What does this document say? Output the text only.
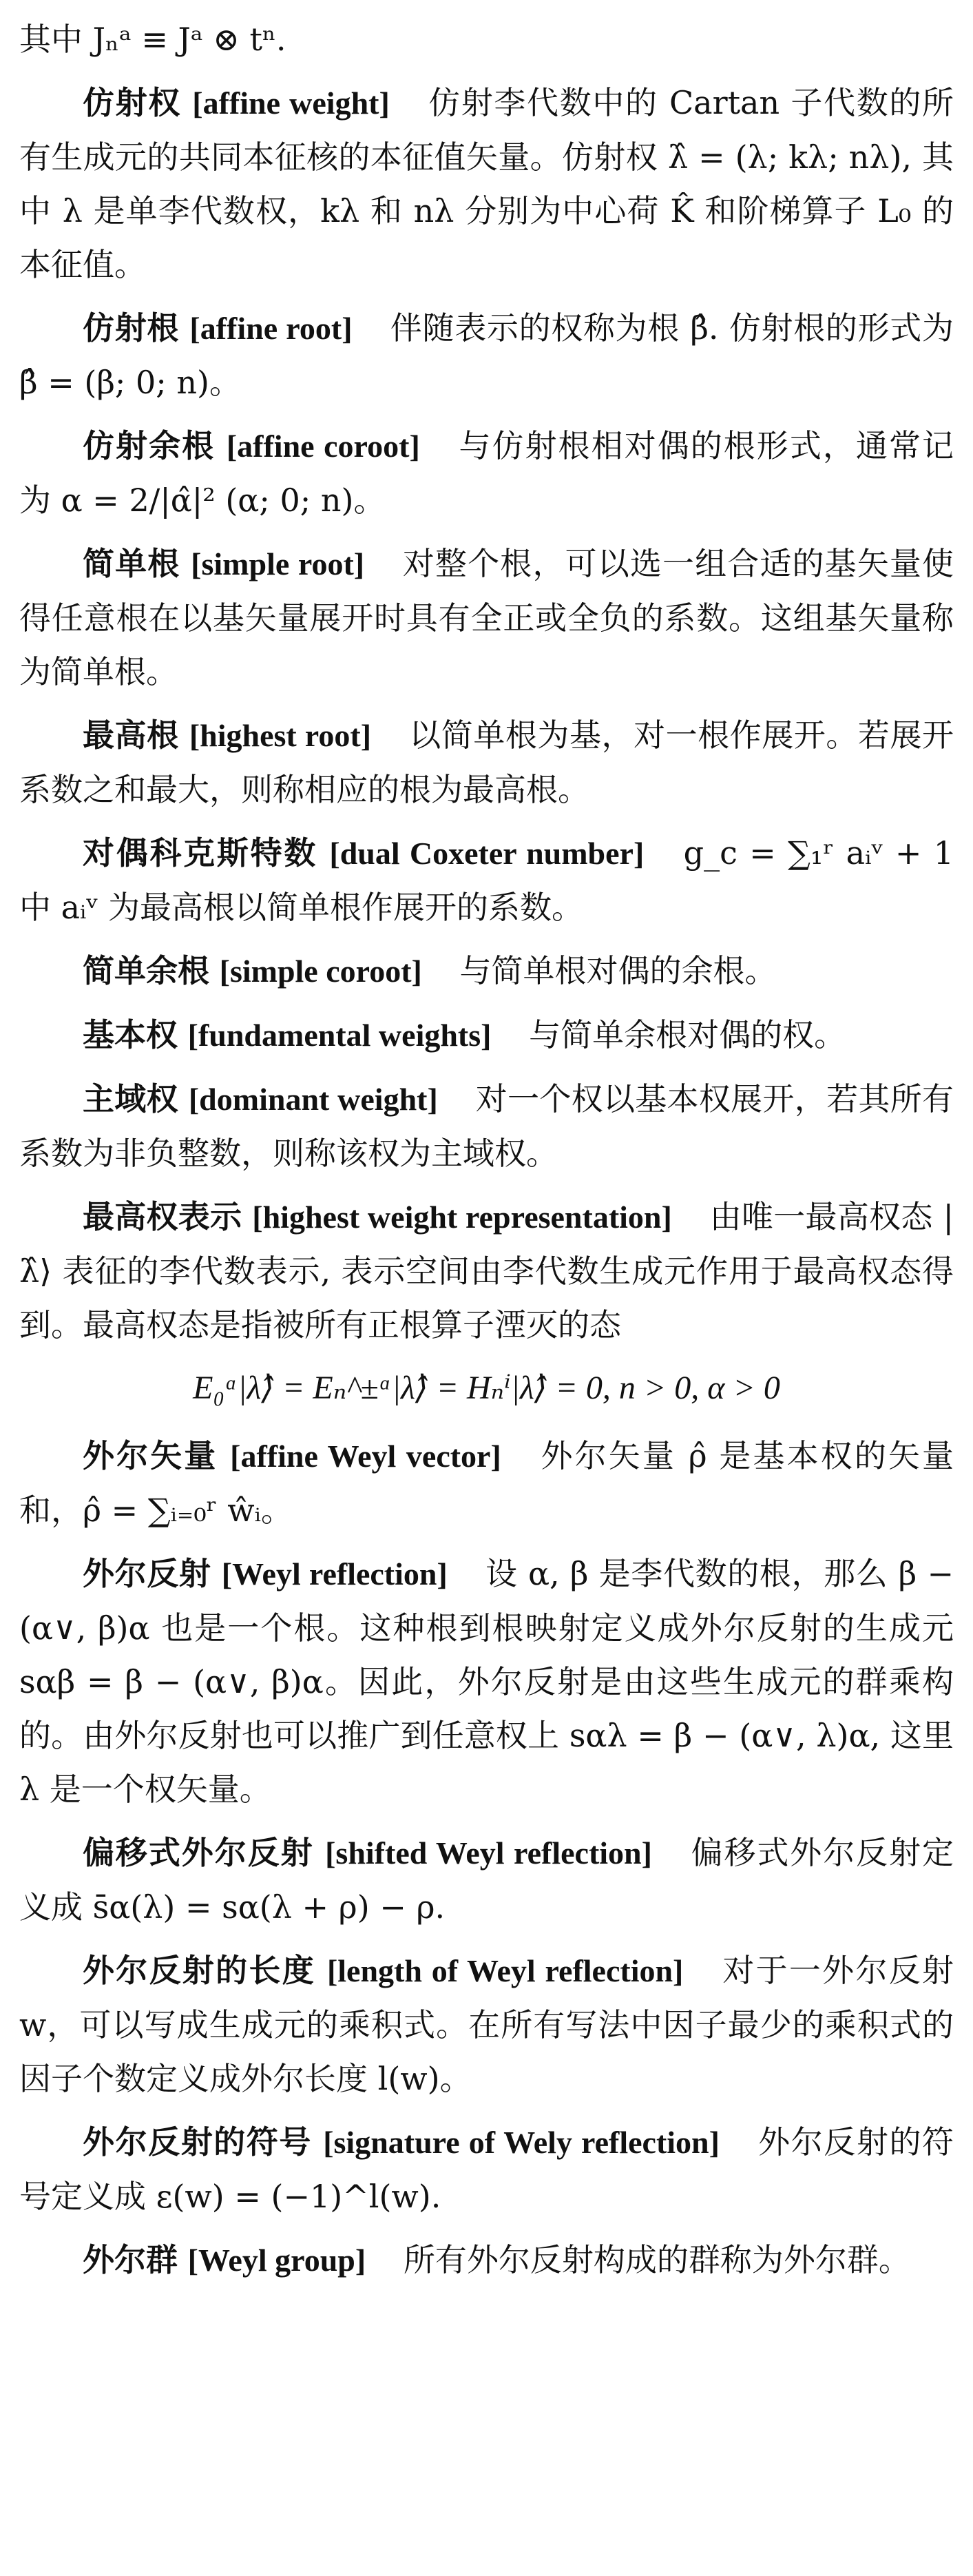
其中 Jₙᵃ ≡ Jᵃ ⊗ tⁿ.

仿射权 [affine weight] 仿射李代数中的 Cartan 子代数的所有生成元的共同本征核的本征值矢量。仿射权 λ̂ = (λ; kλ; nλ), 其中 λ 是单李代数权，kλ 和 nλ 分别为中心荷 K̂ 和阶梯算子 L₀ 的本征值。

仿射根 [affine root] 伴随表示的权称为根 β̂. 仿射根的形式为 β̂ = (β; 0; n)。

仿射余根 [affine coroot] 与仿射根相对偶的根形式，通常记为 α = 2/|α̂|² (α; 0; n)。

简单根 [simple root] 对整个根，可以选一组合适的基矢量使得任意根在以基矢量展开时具有全正或全负的系数。这组基矢量称为简单根。

最高根 [highest root] 以简单根为基，对一根作展开。若展开系数之和最大，则称相应的根为最高根。

对偶科克斯特数 [dual Coxeter number] g_c = ∑₁ʳ aᵢᵛ + 1 中 aᵢᵛ 为最高根以简单根作展开的系数。

简单余根 [simple coroot] 与简单根对偶的余根。

基本权 [fundamental weights] 与简单余根对偶的权。

主域权 [dominant weight] 对一个权以基本权展开，若其所有系数为非负整数，则称该权为主域权。

最高权表示 [highest weight representation] 由唯一最高权态 |λ̂⟩ 表征的李代数表示, 表示空间由李代数生成元作用于最高权态得到。最高权态是指被所有正根算子湮灭的态

E₀ᵅ|λ̂⟩ = Eₙ^±ᵅ|λ̂⟩ = Hₙⁱ|λ̂⟩ = 0, n > 0, α > 0

外尔矢量 [affine Weyl vector] 外尔矢量 ρ̂ 是基本权的矢量和，ρ̂ = ∑ᵢ₌₀ʳ ŵᵢ。

外尔反射 [Weyl reflection] 设 α, β 是李代数的根，那么 β − (α∨, β)α 也是一个根。这种根到根映射定义成外尔反射的生成元 sαβ = β − (α∨, β)α。因此，外尔反射是由这些生成元的群乘构的。由外尔反射也可以推广到任意权上 sαλ = β − (α∨, λ)α, 这里 λ 是一个权矢量。

偏移式外尔反射 [shifted Weyl reflection] 偏移式外尔反射定义成 s̄α(λ) = sα(λ + ρ) − ρ.

外尔反射的长度 [length of Weyl reflection] 对于一外尔反射 w，可以写成生成元的乘积式。在所有写法中因子最少的乘积式的因子个数定义成外尔长度 l(w)。

外尔反射的符号 [signature of Wely reflection] 外尔反射的符号定义成 ε(w) = (−1)^l(w).

外尔群 [Weyl group] 所有外尔反射构成的群称为外尔群。
